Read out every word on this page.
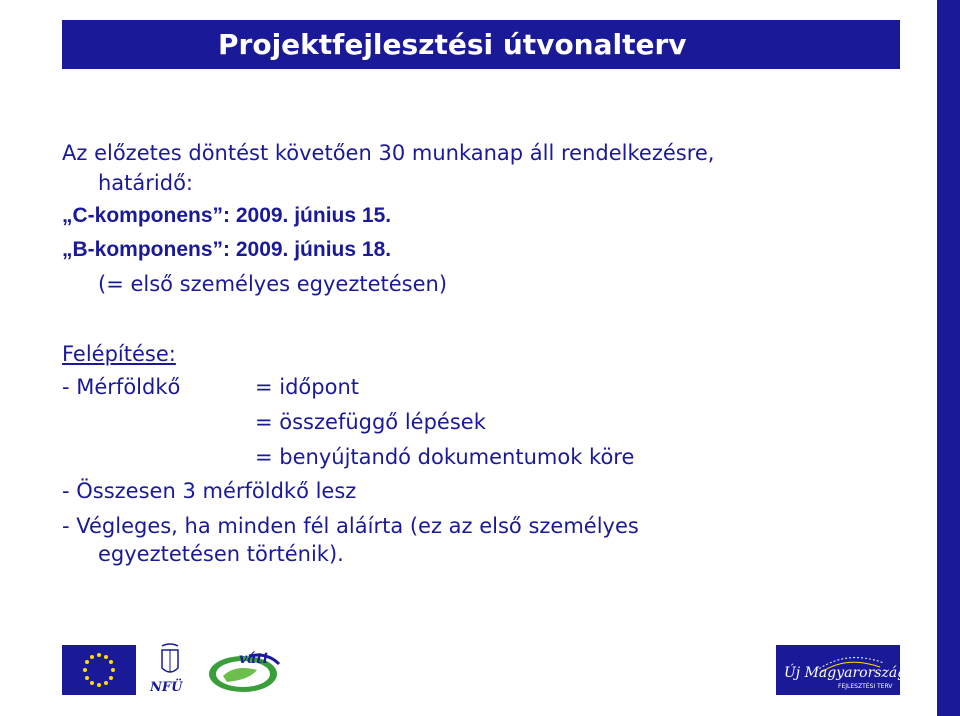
Projektfejlesztési útvonalterv
Az előzetes döntést követően 30 munkanap áll rendelkezésre,
határidő:
„C-komponens”: 2009. június 15.
„B-komponens”: 2009. június 18.
(= első személyes egyeztetésen)
Felépítése:
- Mérföldkő	= időpont
= összefüggő lépések
= benyújtandó dokumentumok köre
- Összesen 3 mérföldkő lesz
- Végleges, ha minden fél aláírta (ez az első személyes
egyeztetésen történik).
NFÜ
váti
Új Magyarország
FEJLESZTÉSI TERV
